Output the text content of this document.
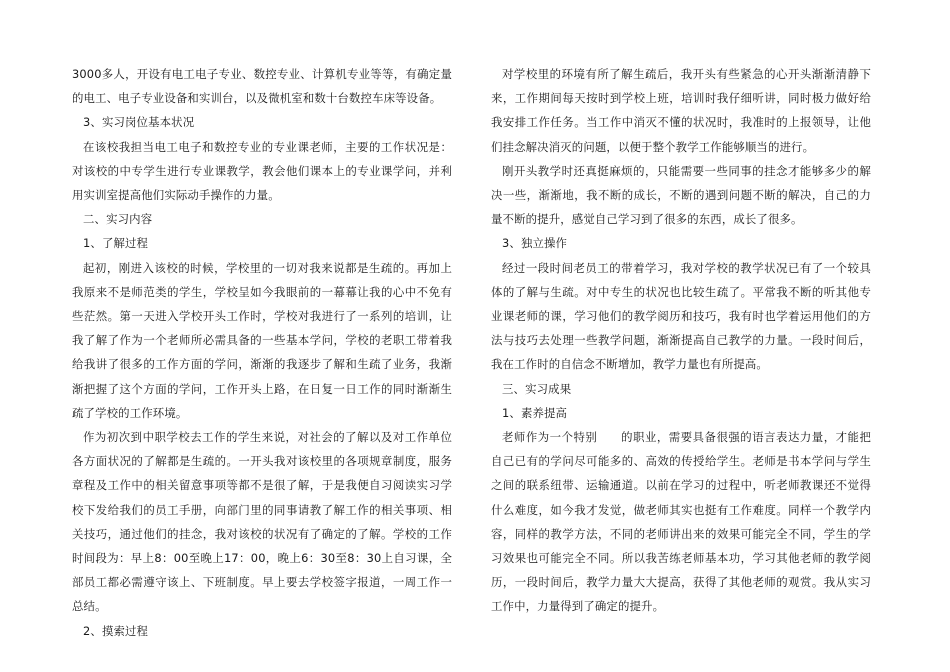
3000多人，开设有电工电子专业、数控专业、计算机专业等等，有确定量的电工、电子专业设备和实训台，以及微机室和数十台数控车床等设备。

3、实习岗位基本状况

在该校我担当电工电子和数控专业的专业课老师，主要的工作状况是：对该校的中专学生进行专业课教学，教会他们课本上的专业课学问，并利用实训室提高他们实际动手操作的力量。

二、实习内容

1、了解过程

起初，刚进入该校的时候，学校里的一切对我来说都是生疏的。再加上我原来不是师范类的学生，学校呈如今我眼前的一幕幕让我的心中不免有些茫然。第一天进入学校开头工作时，学校对我进行了一系列的培训，让我了解了作为一个老师所必需具备的一些基本学问，学校的老职工带着我给我讲了很多的工作方面的学问，渐渐的我逐步了解和生疏了业务，我渐渐把握了这个方面的学问，工作开头上路，在日复一日工作的同时渐渐生疏了学校的工作环境。

作为初次到中职学校去工作的学生来说，对社会的了解以及对工作单位各方面状况的了解都是生疏的。一开头我对该校里的各项规章制度，服务章程及工作中的相关留意事项等都不是很了解，于是我便自习阅读实习学校下发给我们的员工手册，向部门里的同事请教了解工作的相关事项、相关技巧，通过他们的挂念，我对该校的状况有了确定的了解。学校的工作时间段为：早上8：00至晚上17：00，晚上6：30至8：30上自习课，全部员工都必需遵守该上、下班制度。早上要去学校签字报道，一周工作一总结。

2、摸索过程

对学校里的环境有所了解生疏后，我开头有些紧急的心开头渐渐清静下来，工作期间每天按时到学校上班，培训时我仔细听讲，同时极力做好给我安排工作任务。当工作中消灭不懂的状况时，我准时的上报领导，让他们挂念解决消灭的问题，以便于整个教学工作能够顺当的进行。

刚开头教学时还真挺麻烦的，只能需要一些同事的挂念才能够多少的解决一些，渐渐地，我不断的成长，不断的遇到问题不断的解决，自己的力量不断的提升，感觉自己学习到了很多的东西，成长了很多。

3、独立操作

经过一段时间老员工的带着学习，我对学校的教学状况已有了一个较具体的了解与生疏。对中专生的状况也比较生疏了。平常我不断的听其他专业课老师的课，学习他们的教学阅历和技巧，我有时也学着运用他们的方法与技巧去处理一些教学问题，渐渐提高自己教学的力量。一段时间后，我在工作时的自信念不断增加，教学力量也有所提高。

三、实习成果

1、素养提高

老师作为一个特别　　的职业，需要具备很强的语言表达力量，才能把自己已有的学问尽可能多的、高效的传授给学生。老师是书本学问与学生之间的联系纽带、运输通道。以前在学习的过程中，听老师教课还不觉得什么难度，如今我才发觉，做老师其实也挺有工作难度。同样一个教学内容，同样的教学方法，不同的老师讲出来的效果可能完全不同，学生的学习效果也可能完全不同。所以我苦练老师基本功，学习其他老师的教学阅历，一段时间后，教学力量大大提高，获得了其他老师的观赏。我从实习工作中，力量得到了确定的提升。
